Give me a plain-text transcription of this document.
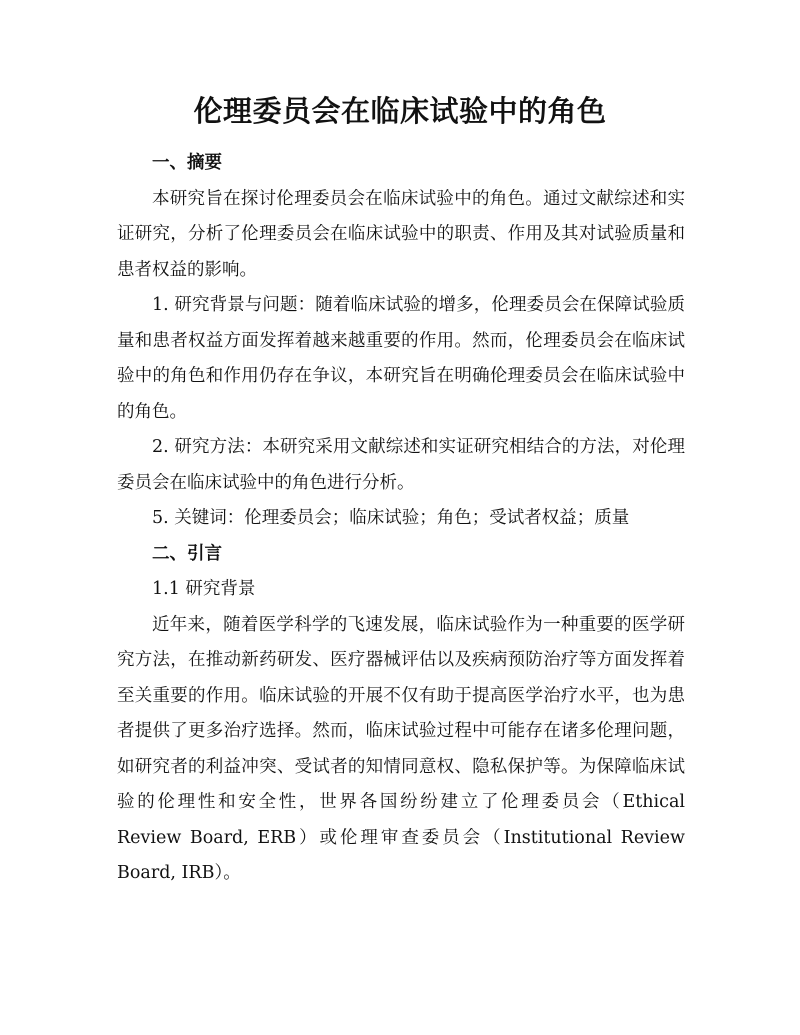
伦理委员会在临床试验中的角色
一、摘要

本研究旨在探讨伦理委员会在临床试验中的角色。通过文献综述和实证研究，分析了伦理委员会在临床试验中的职责、作用及其对试验质量和患者权益的影响。

1. 研究背景与问题：随着临床试验的增多，伦理委员会在保障试验质量和患者权益方面发挥着越来越重要的作用。然而，伦理委员会在临床试验中的角色和作用仍存在争议，本研究旨在明确伦理委员会在临床试验中的角色。

2. 研究方法：本研究采用文献综述和实证研究相结合的方法，对伦理委员会在临床试验中的角色进行分析。

5. 关键词：伦理委员会；临床试验；角色；受试者权益；质量

二、引言

1.1 研究背景

近年来，随着医学科学的飞速发展，临床试验作为一种重要的医学研究方法，在推动新药研发、医疗器械评估以及疾病预防治疗等方面发挥着至关重要的作用。临床试验的开展不仅有助于提高医学治疗水平，也为患者提供了更多治疗选择。然而，临床试验过程中可能存在诸多伦理问题，如研究者的利益冲突、受试者的知情同意权、隐私保护等。为保障临床试验的伦理性和安全性，世界各国纷纷建立了伦理委员会（Ethical Review Board, ERB）或伦理审查委员会（Institutional Review Board, IRB）。
